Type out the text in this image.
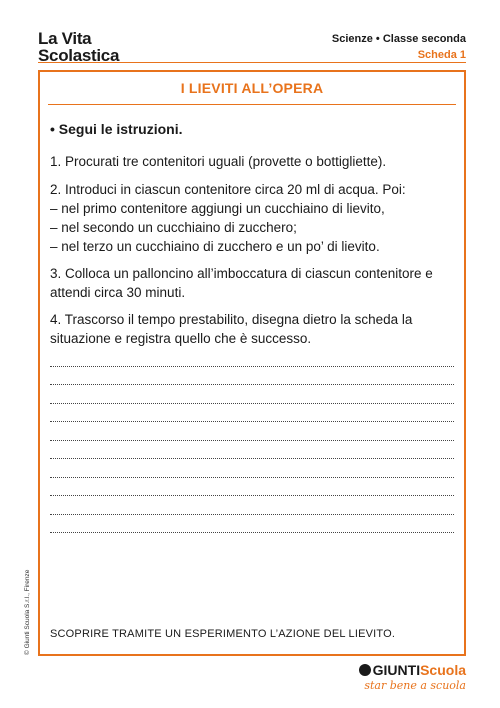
La Vita
Scolastica
Scienze • Classe seconda
Scheda 1
I LIEVITI ALL’OPERA
• Segui le istruzioni.
1. Procurati tre contenitori uguali (provette o bottigliette).
2. Introduci in ciascun contenitore circa 20 ml di acqua. Poi:
– nel primo contenitore aggiungi un cucchiaino di lievito,
– nel secondo un cucchiaino di zucchero;
– nel terzo un cucchiaino di zucchero e un po’ di lievito.
3. Colloca un palloncino all’imboccatura di ciascun contenitore e attendi circa 30 minuti.
4. Trascorso il tempo prestabilito, disegna dietro la scheda la situazione e registra quello che è successo.
SCOPRIRE TRAMITE UN ESPERIMENTO L’AZIONE DEL LIEVITO.
© Giunti Scuola S.r.l., Firenze
GIUNTIScuola
star bene a scuola
